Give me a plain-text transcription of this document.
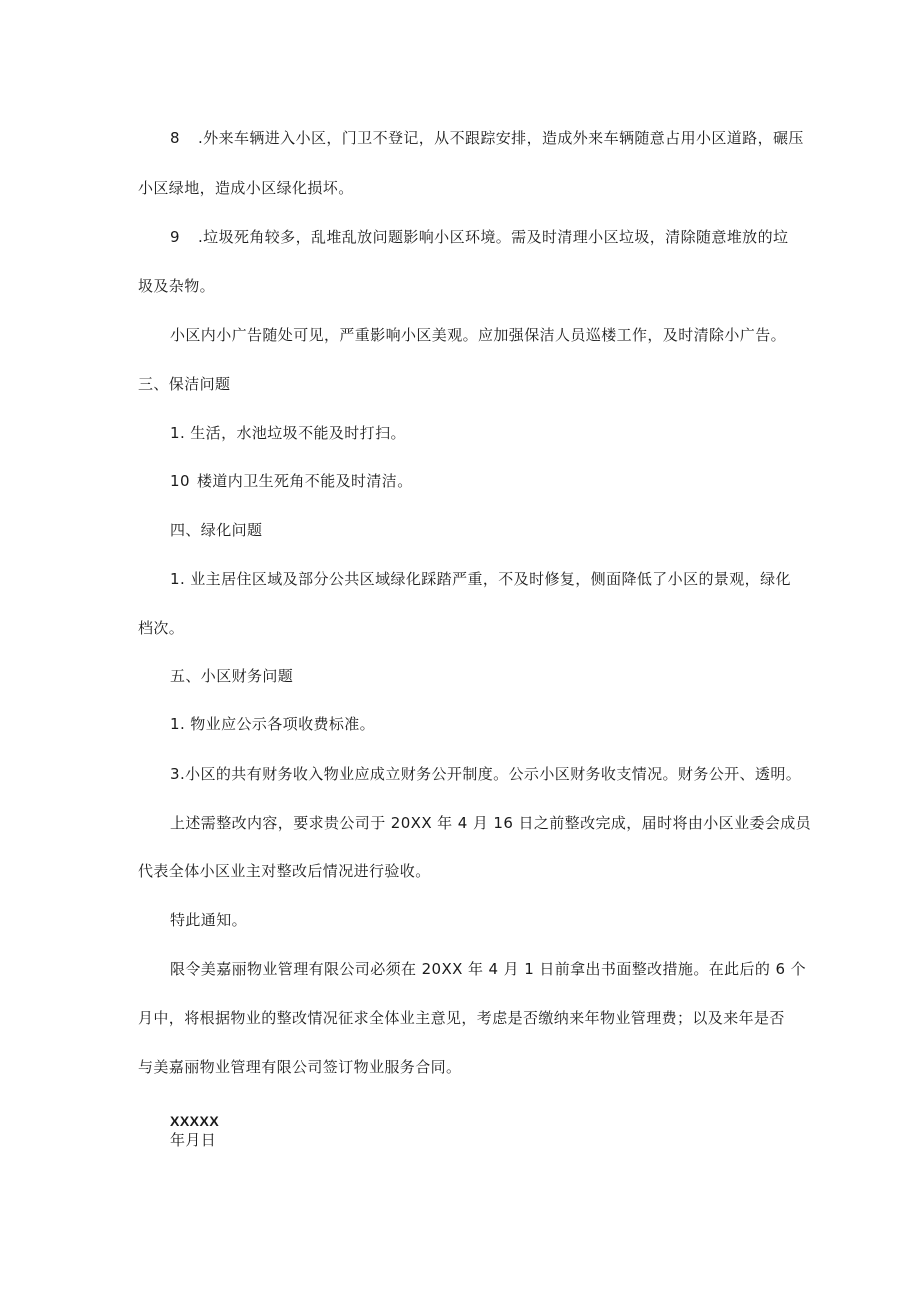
8 .外来车辆进入小区，门卫不登记，从不跟踪安排，造成外来车辆随意占用小区道路，碾压
小区绿地，造成小区绿化损坏。
9 .垃圾死角较多，乱堆乱放问题影响小区环境。需及时清理小区垃圾，清除随意堆放的垃
圾及杂物。
小区内小广告随处可见，严重影响小区美观。应加强保洁人员巡楼工作，及时清除小广告。
三、保洁问题
1. 生活，水池垃圾不能及时打扫。
10 楼道内卫生死角不能及时清洁。
四、绿化问题
1. 业主居住区域及部分公共区域绿化踩踏严重，不及时修复，侧面降低了小区的景观，绿化
档次。
五、小区财务问题
1. 物业应公示各项收费标准。
3.小区的共有财务收入物业应成立财务公开制度。公示小区财务收支情况。财务公开、透明。
上述需整改内容，要求贵公司于 20XX 年 4 月 16 日之前整改完成，届时将由小区业委会成员
代表全体小区业主对整改后情况进行验收。
特此通知。
限令美嘉丽物业管理有限公司必须在 20XX 年 4 月 1 日前拿出书面整改措施。在此后的 6 个
月中，将根据物业的整改情况征求全体业主意见，考虑是否缴纳来年物业管理费；以及来年是否
与美嘉丽物业管理有限公司签订物业服务合同。
XXXXX
年月日
